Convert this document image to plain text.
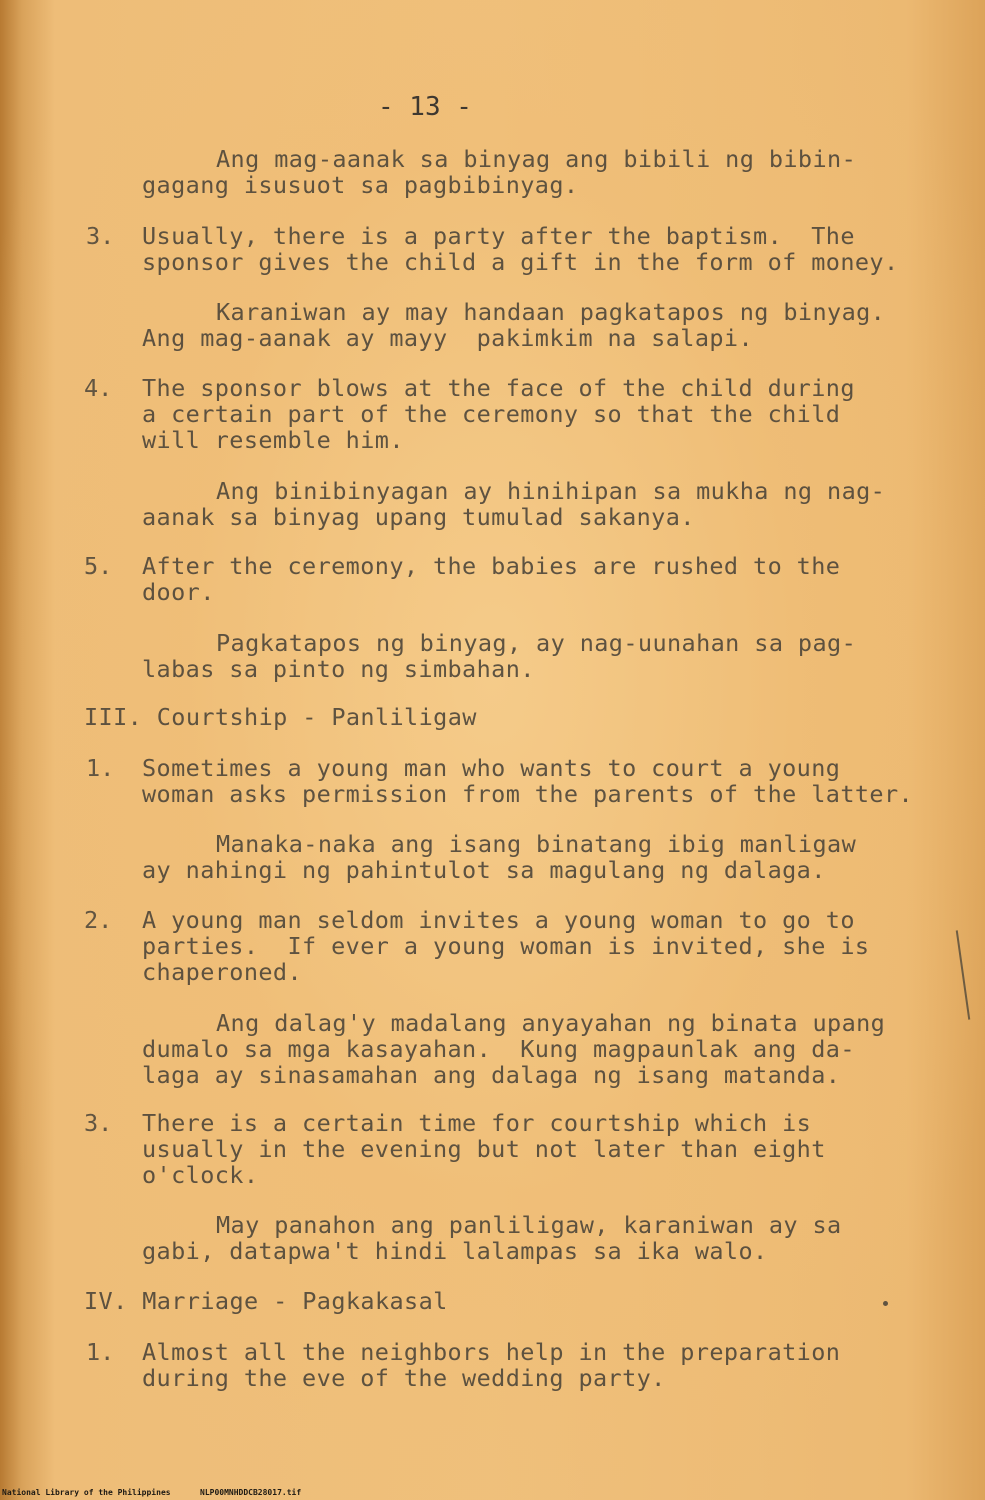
- 13 -
Ang mag-aanak sa binyag ang bibili ng bibin-
gagang isusuot sa pagbibinyag.
3. Usually, there is a party after the baptism.  The
sponsor gives the child a gift in the form of money.
Karaniwan ay may handaan pagkatapos ng binyag.
Ang mag-aanak ay mayy  pakimkim na salapi.
4. The sponsor blows at the face of the child during
a certain part of the ceremony so that the child
will resemble him.
Ang binibinyagan ay hinihipan sa mukha ng nag-
aanak sa binyag upang tumulad sakanya.
5. After the ceremony, the babies are rushed to the
door.
Pagkatapos ng binyag, ay nag-uunahan sa pag-
labas sa pinto ng simbahan.
III. Courtship - Panliligaw
1. Sometimes a young man who wants to court a young
woman asks permission from the parents of the latter.
Manaka-naka ang isang binatang ibig manligaw
ay nahingi ng pahintulot sa magulang ng dalaga.
2. A young man seldom invites a young woman to go to
parties.  If ever a young woman is invited, she is
chaperoned.
Ang dalag'y madalang anyayahan ng binata upang
dumalo sa mga kasayahan.  Kung magpaunlak ang da-
laga ay sinasamahan ang dalaga ng isang matanda.
3. There is a certain time for courtship which is
usually in the evening but not later than eight
o'clock.
May panahon ang panliligaw, karaniwan ay sa
gabi, datapwa't hindi lalampas sa ika walo.
IV. Marriage - Pagkakasal
1. Almost all the neighbors help in the preparation
during the eve of the wedding party.
National Library of the Philippines	NLP00MNHDDCB28017.tif
